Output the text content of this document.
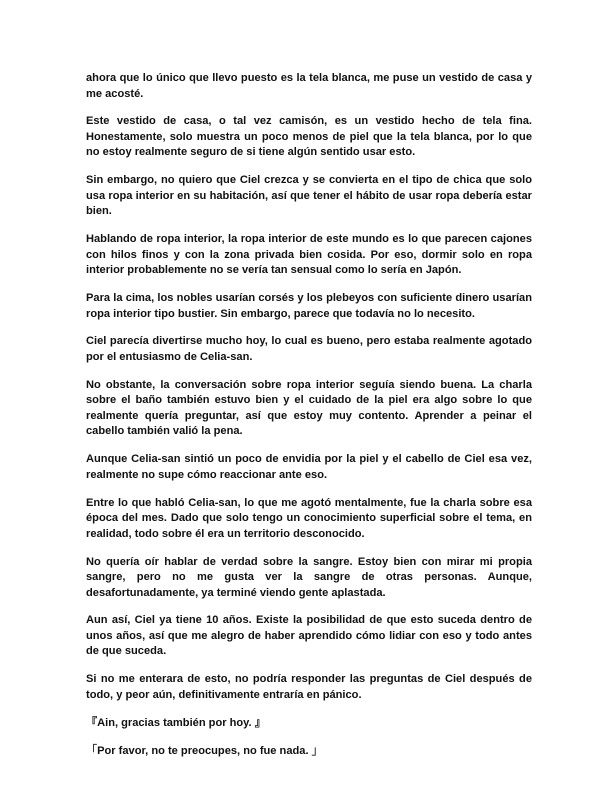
ahora que lo único que llevo puesto es la tela blanca, me puse un vestido de casa y me acosté.

Este vestido de casa, o tal vez camisón, es un vestido hecho de tela fina. Honestamente, solo muestra un poco menos de piel que la tela blanca, por lo que no estoy realmente seguro de si tiene algún sentido usar esto.

Sin embargo, no quiero que Ciel crezca y se convierta en el tipo de chica que solo usa ropa interior en su habitación, así que tener el hábito de usar ropa debería estar bien.

Hablando de ropa interior, la ropa interior de este mundo es lo que parecen cajones con hilos finos y con la zona privada bien cosida. Por eso, dormir solo en ropa interior probablemente no se vería tan sensual como lo sería en Japón.

Para la cima, los nobles usarían corsés y los plebeyos con suficiente dinero usarían ropa interior tipo bustier. Sin embargo, parece que todavía no lo necesito.

Ciel parecía divertirse mucho hoy, lo cual es bueno, pero estaba realmente agotado por el entusiasmo de Celia-san.

No obstante, la conversación sobre ropa interior seguía siendo buena. La charla sobre el baño también estuvo bien y el cuidado de la piel era algo sobre lo que realmente quería preguntar, así que estoy muy contento. Aprender a peinar el cabello también valió la pena.

Aunque Celia-san sintió un poco de envidia por la piel y el cabello de Ciel esa vez, realmente no supe cómo reaccionar ante eso.

Entre lo que habló Celia-san, lo que me agotó mentalmente, fue la charla sobre esa época del mes. Dado que solo tengo un conocimiento superficial sobre el tema, en realidad, todo sobre él era un territorio desconocido.

No quería oír hablar de verdad sobre la sangre. Estoy bien con mirar mi propia sangre, pero no me gusta ver la sangre de otras personas. Aunque, desafortunadamente, ya terminé viendo gente aplastada.

Aun así, Ciel ya tiene 10 años. Existe la posibilidad de que esto suceda dentro de unos años, así que me alegro de haber aprendido cómo lidiar con eso y todo antes de que suceda.

Si no me enterara de esto, no podría responder las preguntas de Ciel después de todo, y peor aún, definitivamente entraría en pánico.

『Ain, gracias también por hoy. 』

「Por favor, no te preocupes, no fue nada. 」
